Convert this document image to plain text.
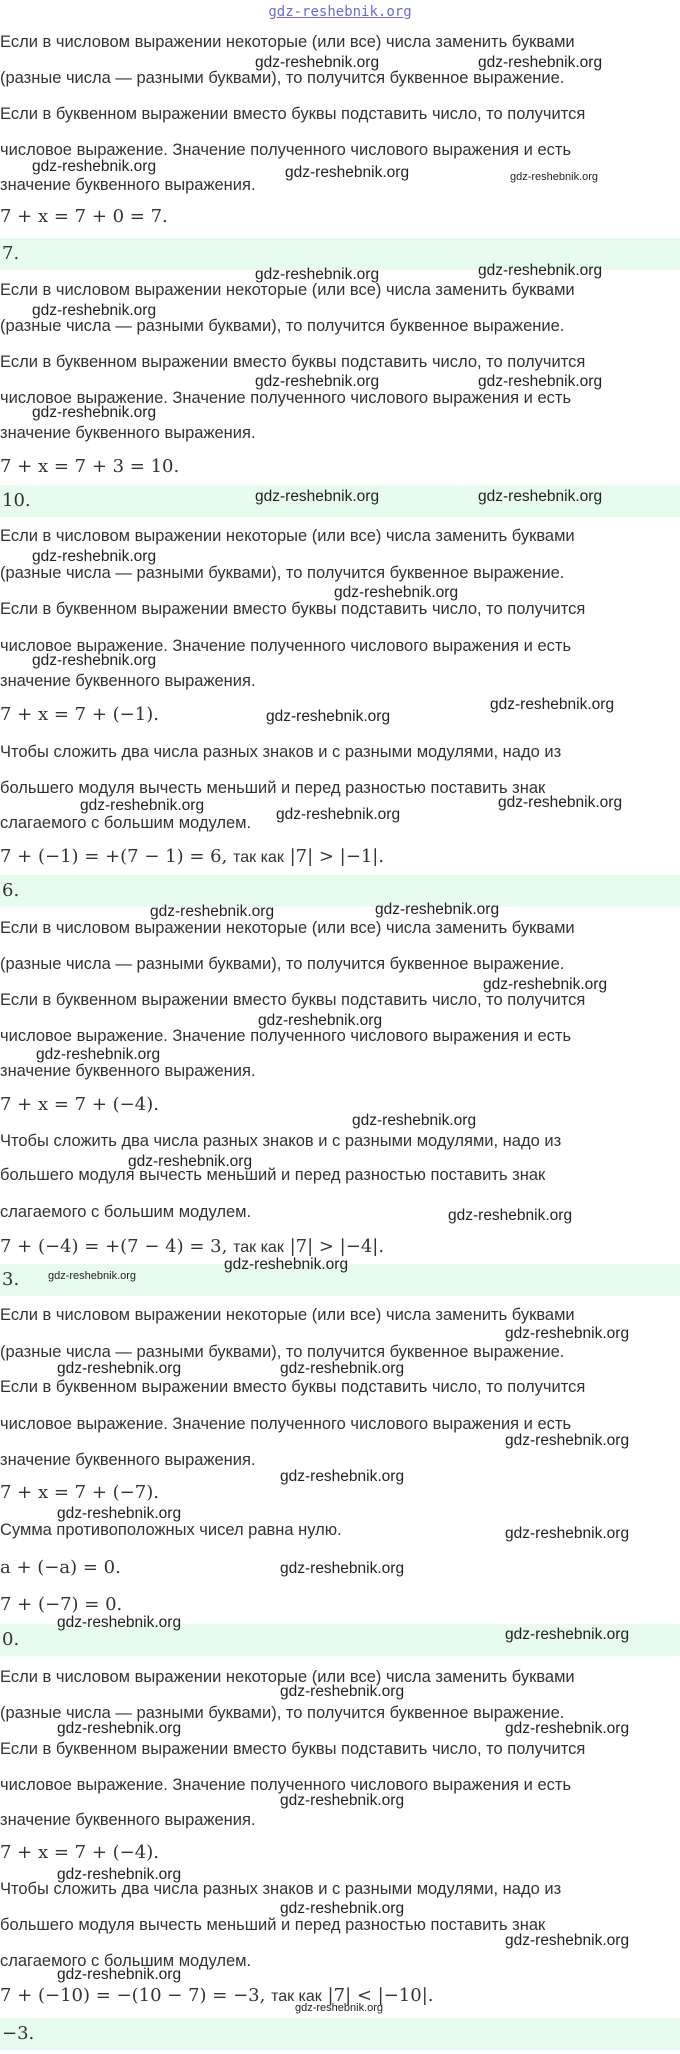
gdz-reshebnik.org
Если в числовом выражении некоторые (или все) числа заменить буквами
(разные числа — разными буквами), то получится буквенное выражение.
Если в буквенном выражении вместо буквы подставить число, то получится
числовое выражение. Значение полученного числового выражения и есть
значение буквенного выражения.
7 + x = 7 + 0 = 7.
7.
Если в числовом выражении некоторые (или все) числа заменить буквами
(разные числа — разными буквами), то получится буквенное выражение.
Если в буквенном выражении вместо буквы подставить число, то получится
числовое выражение. Значение полученного числового выражения и есть
значение буквенного выражения.
7 + x = 7 + 3 = 10.
10.
Если в числовом выражении некоторые (или все) числа заменить буквами
(разные числа — разными буквами), то получится буквенное выражение.
Если в буквенном выражении вместо буквы подставить число, то получится
числовое выражение. Значение полученного числового выражения и есть
значение буквенного выражения.
7 + x = 7 + (−1).
Чтобы сложить два числа разных знаков и с разными модулями, надо из
большего модуля вычесть меньший и перед разностью поставить знак
слагаемого с большим модулем.
7 + (−1) = +(7 − 1) = 6, так как |7| > |−1|.
6.
Если в числовом выражении некоторые (или все) числа заменить буквами
(разные числа — разными буквами), то получится буквенное выражение.
Если в буквенном выражении вместо буквы подставить число, то получится
числовое выражение. Значение полученного числового выражения и есть
значение буквенного выражения.
7 + x = 7 + (−4).
Чтобы сложить два числа разных знаков и с разными модулями, надо из
большего модуля вычесть меньший и перед разностью поставить знак
слагаемого с большим модулем.
7 + (−4) = +(7 − 4) = 3, так как |7| > |−4|.
3.
Если в числовом выражении некоторые (или все) числа заменить буквами
(разные числа — разными буквами), то получится буквенное выражение.
Если в буквенном выражении вместо буквы подставить число, то получится
числовое выражение. Значение полученного числового выражения и есть
значение буквенного выражения.
7 + x = 7 + (−7).
Сумма противоположных чисел равна нулю.
a + (−a) = 0.
7 + (−7) = 0.
0.
Если в числовом выражении некоторые (или все) числа заменить буквами
(разные числа — разными буквами), то получится буквенное выражение.
Если в буквенном выражении вместо буквы подставить число, то получится
числовое выражение. Значение полученного числового выражения и есть
значение буквенного выражения.
7 + x = 7 + (−4).
Чтобы сложить два числа разных знаков и с разными модулями, надо из
большего модуля вычесть меньший и перед разностью поставить знак
слагаемого с большим модулем.
7 + (−10) = −(10 − 7) = −3, так как |7| < |−10|.
−3.
gdz-reshebnik.org	gdz-reshebnik.org
gdz-reshebnik.org	gdz-reshebnik.org	gdz-reshebnik.org
gdz-reshebnik.org	gdz-reshebnik.org
gdz-reshebnik.org
gdz-reshebnik.org	gdz-reshebnik.org
gdz-reshebnik.org
gdz-reshebnik.org	gdz-reshebnik.org
gdz-reshebnik.org
gdz-reshebnik.org
gdz-reshebnik.org
gdz-reshebnik.org
gdz-reshebnik.org
gdz-reshebnik.org	gdz-reshebnik.org
gdz-reshebnik.org
gdz-reshebnik.org	gdz-reshebnik.org
gdz-reshebnik.org
gdz-reshebnik.org
gdz-reshebnik.org
gdz-reshebnik.org
gdz-reshebnik.org
gdz-reshebnik.org
gdz-reshebnik.org
gdz-reshebnik.org
gdz-reshebnik.org
gdz-reshebnik.org	gdz-reshebnik.org
gdz-reshebnik.org
gdz-reshebnik.org
gdz-reshebnik.org
gdz-reshebnik.org
gdz-reshebnik.org
gdz-reshebnik.org
gdz-reshebnik.org
gdz-reshebnik.org
gdz-reshebnik.org	gdz-reshebnik.org
gdz-reshebnik.org
gdz-reshebnik.org
gdz-reshebnik.org
gdz-reshebnik.org
gdz-reshebnik.org
gdz-reshebnik.org
